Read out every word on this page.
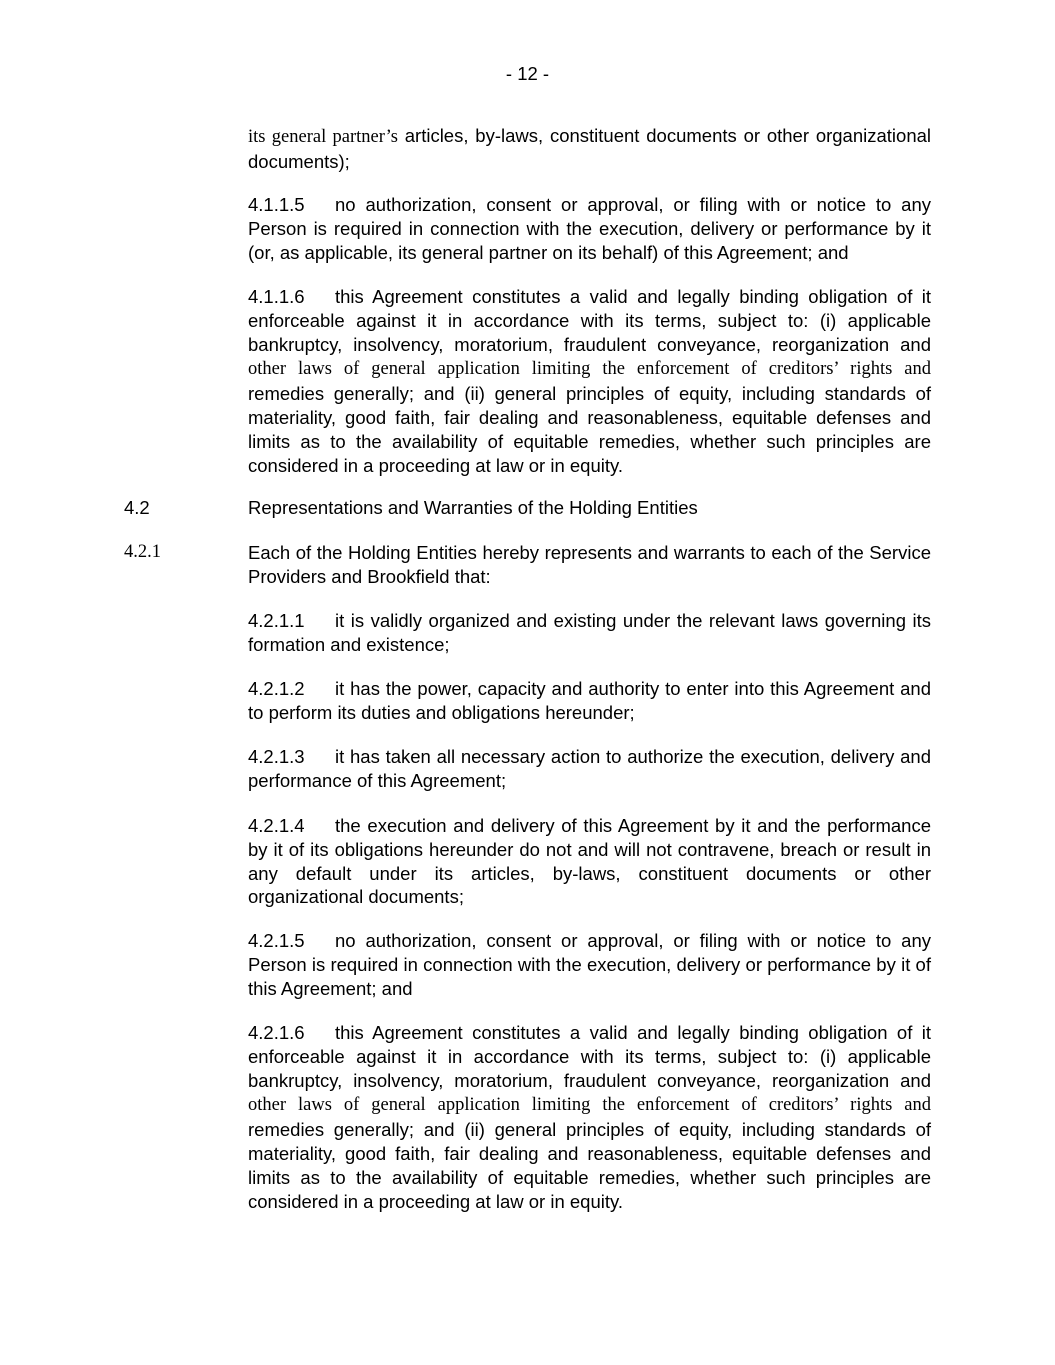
- 12 -

its general partner’s articles, by-laws, constituent documents or other organizational documents);

4.1.1.5 no authorization, consent or approval, or filing with or notice to any Person is required in connection with the execution, delivery or performance by it (or, as applicable, its general partner on its behalf) of this Agreement; and

4.1.1.6 this Agreement constitutes a valid and legally binding obligation of it enforceable against it in accordance with its terms, subject to: (i) applicable bankruptcy, insolvency, moratorium, fraudulent conveyance, reorganization and other laws of general application limiting the enforcement of creditors’ rights and remedies generally; and (ii) general principles of equity, including standards of materiality, good faith, fair dealing and reasonableness, equitable defenses and limits as to the availability of equitable remedies, whether such principles are considered in a proceeding at law or in equity.

4.2	Representations and Warranties of the Holding Entities
4.2.1	Each of the Holding Entities hereby represents and warrants to each of the Service Providers and Brookfield that:

4.2.1.1 it is validly organized and existing under the relevant laws governing its formation and existence;

4.2.1.2 it has the power, capacity and authority to enter into this Agreement and to perform its duties and obligations hereunder;

4.2.1.3 it has taken all necessary action to authorize the execution, delivery and performance of this Agreement;

4.2.1.4 the execution and delivery of this Agreement by it and the performance by it of its obligations hereunder do not and will not contravene, breach or result in any default under its articles, by-laws, constituent documents or other organizational documents;

4.2.1.5 no authorization, consent or approval, or filing with or notice to any Person is required in connection with the execution, delivery or performance by it of this Agreement; and

4.2.1.6 this Agreement constitutes a valid and legally binding obligation of it enforceable against it in accordance with its terms, subject to: (i) applicable bankruptcy, insolvency, moratorium, fraudulent conveyance, reorganization and other laws of general application limiting the enforcement of creditors’ rights and remedies generally; and (ii) general principles of equity, including standards of materiality, good faith, fair dealing and reasonableness, equitable defenses and limits as to the availability of equitable remedies, whether such principles are considered in a proceeding at law or in equity.
